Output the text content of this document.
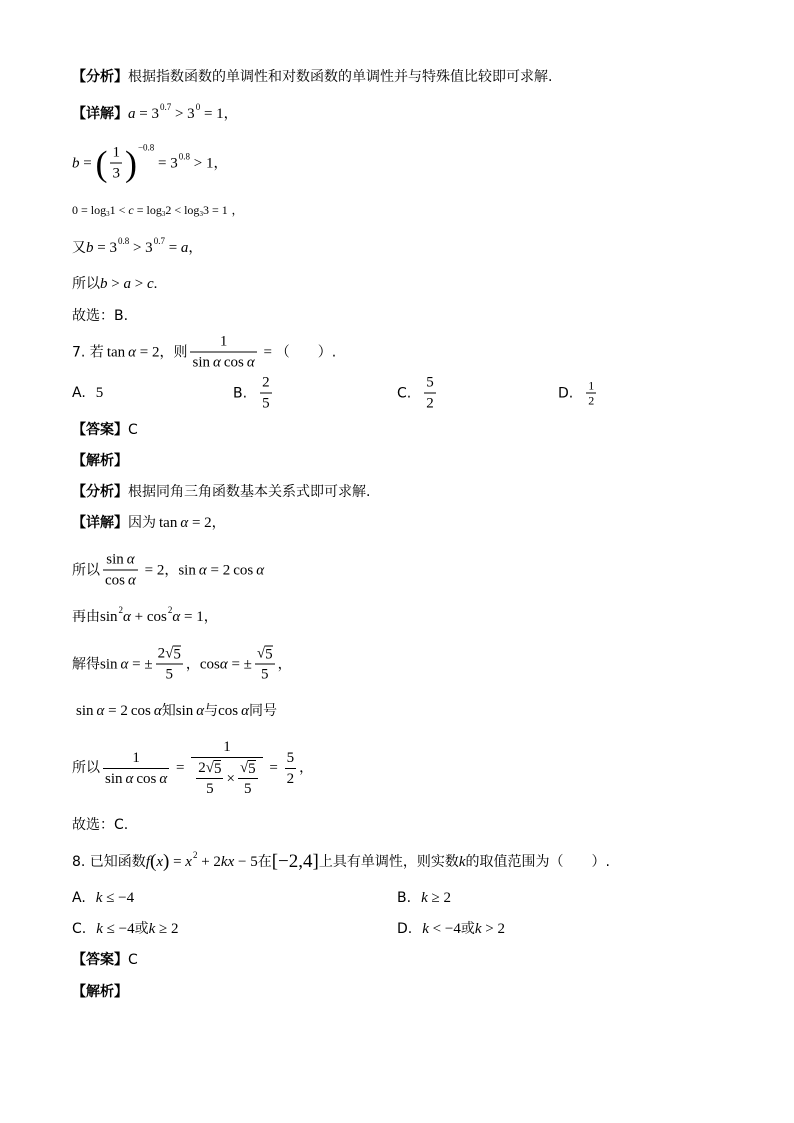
【分析】 根据指数函数的单调性和对数函数的单调性并与特殊值比较即可求解.
【详解】 a = 3 0.7 > 3 0 = 1 ，
b = ( $\frac{1}{3}$ ) −0.8
= 3 0.8 > 1 ，
0 = log 3 1 < c = log 3 2 < log 3 3 = 1 ，
又 b = 3 0.8 > 3 0.7 = a ，
所以 b > a > c .
故选：B.
7. 若 tan α = 2 ，则 $\frac{1}{\text{sin α cos α}}$ = （　　）.
A. 5	B. $\frac{2}{5}$	C. $\frac{5}{2}$	D. $\frac{1}{2}$
【答案】 C
【解析】
【分析】 根据同角三角函数基本关系式即可求解.
【详解】 因为 tan α = 2 ，
所以 $\frac{\text{sin α}}{\text{cos α}} = 2$ ， sin α = 2 cos α
再由 sin 2 α + cos 2 α = 1 ，
解得 sin α = ± $\frac{2 √ 5}{5}$ ， cos α = ± $\frac{√ 5}{5}$ ，
sin α = 2 cos α 知 sin α 与 cos α 同号
所以 $\frac{1}{\text{sin α cos α}}$ =
1
$\frac{2 √ 5}{5} \times \frac{√ 5}{5} = \frac{5}{2}$ ，
故选：C.
8. 已知函数 f ( x ) = x 2 + 2 k x − 5 在 [−2,4] 上具有单调性，则实数 k 的取值范围为（　　）.
A. k ≤ −4	B. k ≥ 2
C. k ≤ −4 或 k ≥ 2	D. k < −4 或 k > 2
【答案】 C
【解析】
